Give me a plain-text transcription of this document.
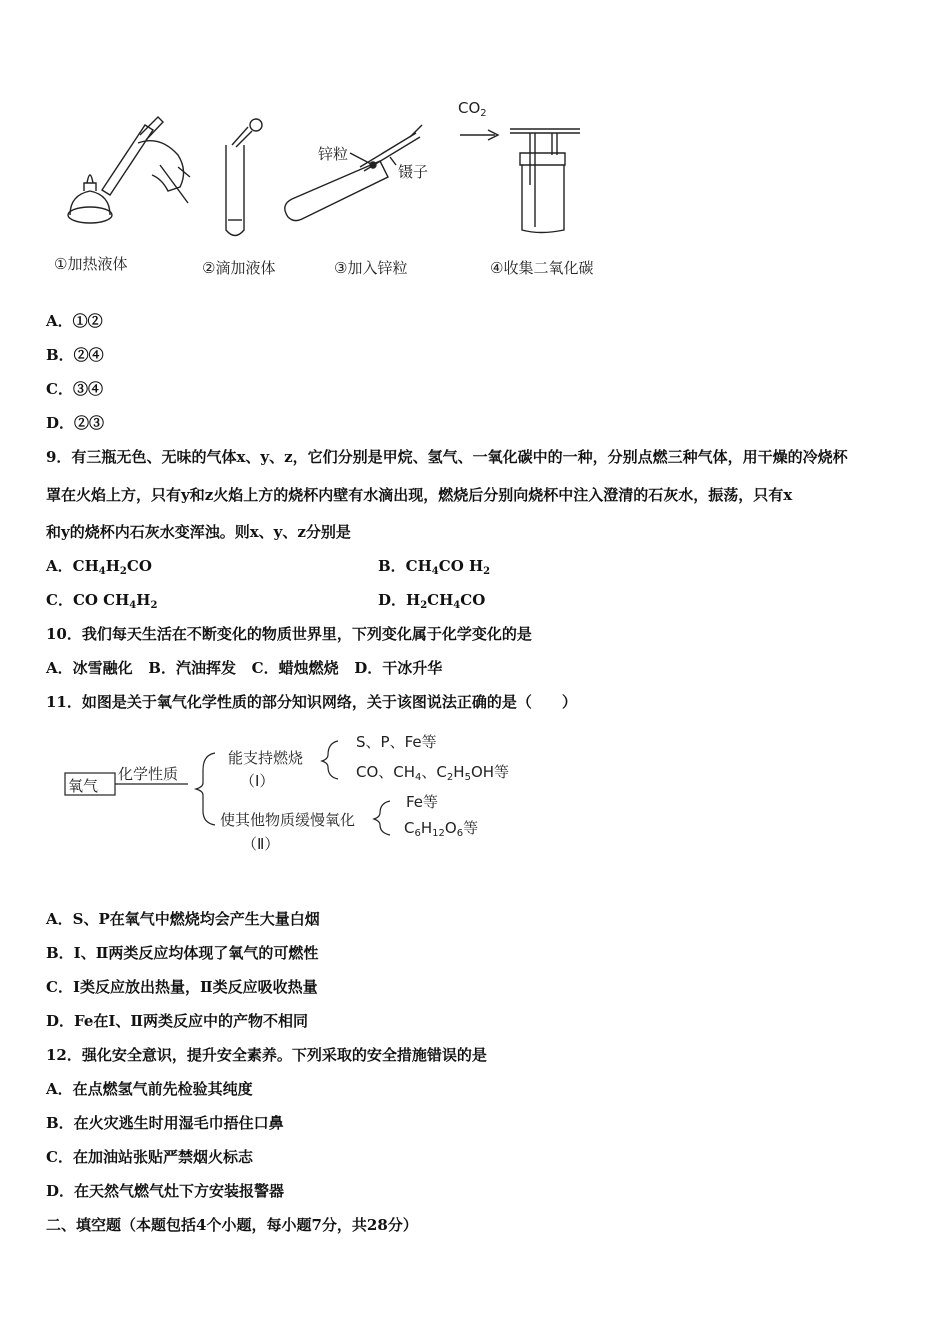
$CO_2$
锌粒
镊子
①加热液体	②滴加液体	③加入锌粒	④收集二氧化碳
A．①②
B．②④
C．③④
D．②③
9．有三瓶无色、无味的气体x、y、z，它们分别是甲烷、氢气、一氧化碳中的一种，分别点燃三种气体，用干燥的冷烧杯
罩在火焰上方，只有y和z火焰上方的烧杯内壁有水滴出现，燃烧后分别向烧杯中注入澄清的石灰水，振荡，只有x
和y的烧杯内石灰水变浑浊。则x、y、z分别是
A．$CH_4H_2CO$	B．$CH_4CO$ $H_2$
C．CO $CH_4H_2$	D．$H_2CH_4CO$
10．我们每天生活在不断变化的物质世界里，下列变化属于化学变化的是
A．冰雪融化   B．汽油挥发   C．蜡烛燃烧   D．干冰升华
11．如图是关于氧气化学性质的部分知识网络，关于该图说法正确的是（　　）
氧气
化学性质
能支持燃烧
（Ⅰ）
S、P、Fe等
CO、$CH_4$、$C_2H_5OH$等
使其他物质缓慢氧化
（Ⅱ）
Fe等
$C_6H_{12}O_6$等
A．S、P在氧气中燃烧均会产生大量白烟
B．Ⅰ、Ⅱ两类反应均体现了氧气的可燃性
C．Ⅰ类反应放出热量，Ⅱ类反应吸收热量
D．Fe在Ⅰ、Ⅱ两类反应中的产物不相同
12．强化安全意识，提升安全素养。下列采取的安全措施错误的是
A．在点燃氢气前先检验其纯度
B．在火灾逃生时用湿毛巾捂住口鼻
C．在加油站张贴严禁烟火标志
D．在天然气燃气灶下方安装报警器
二、填空题（本题包括4个小题，每小题7分，共28分）
